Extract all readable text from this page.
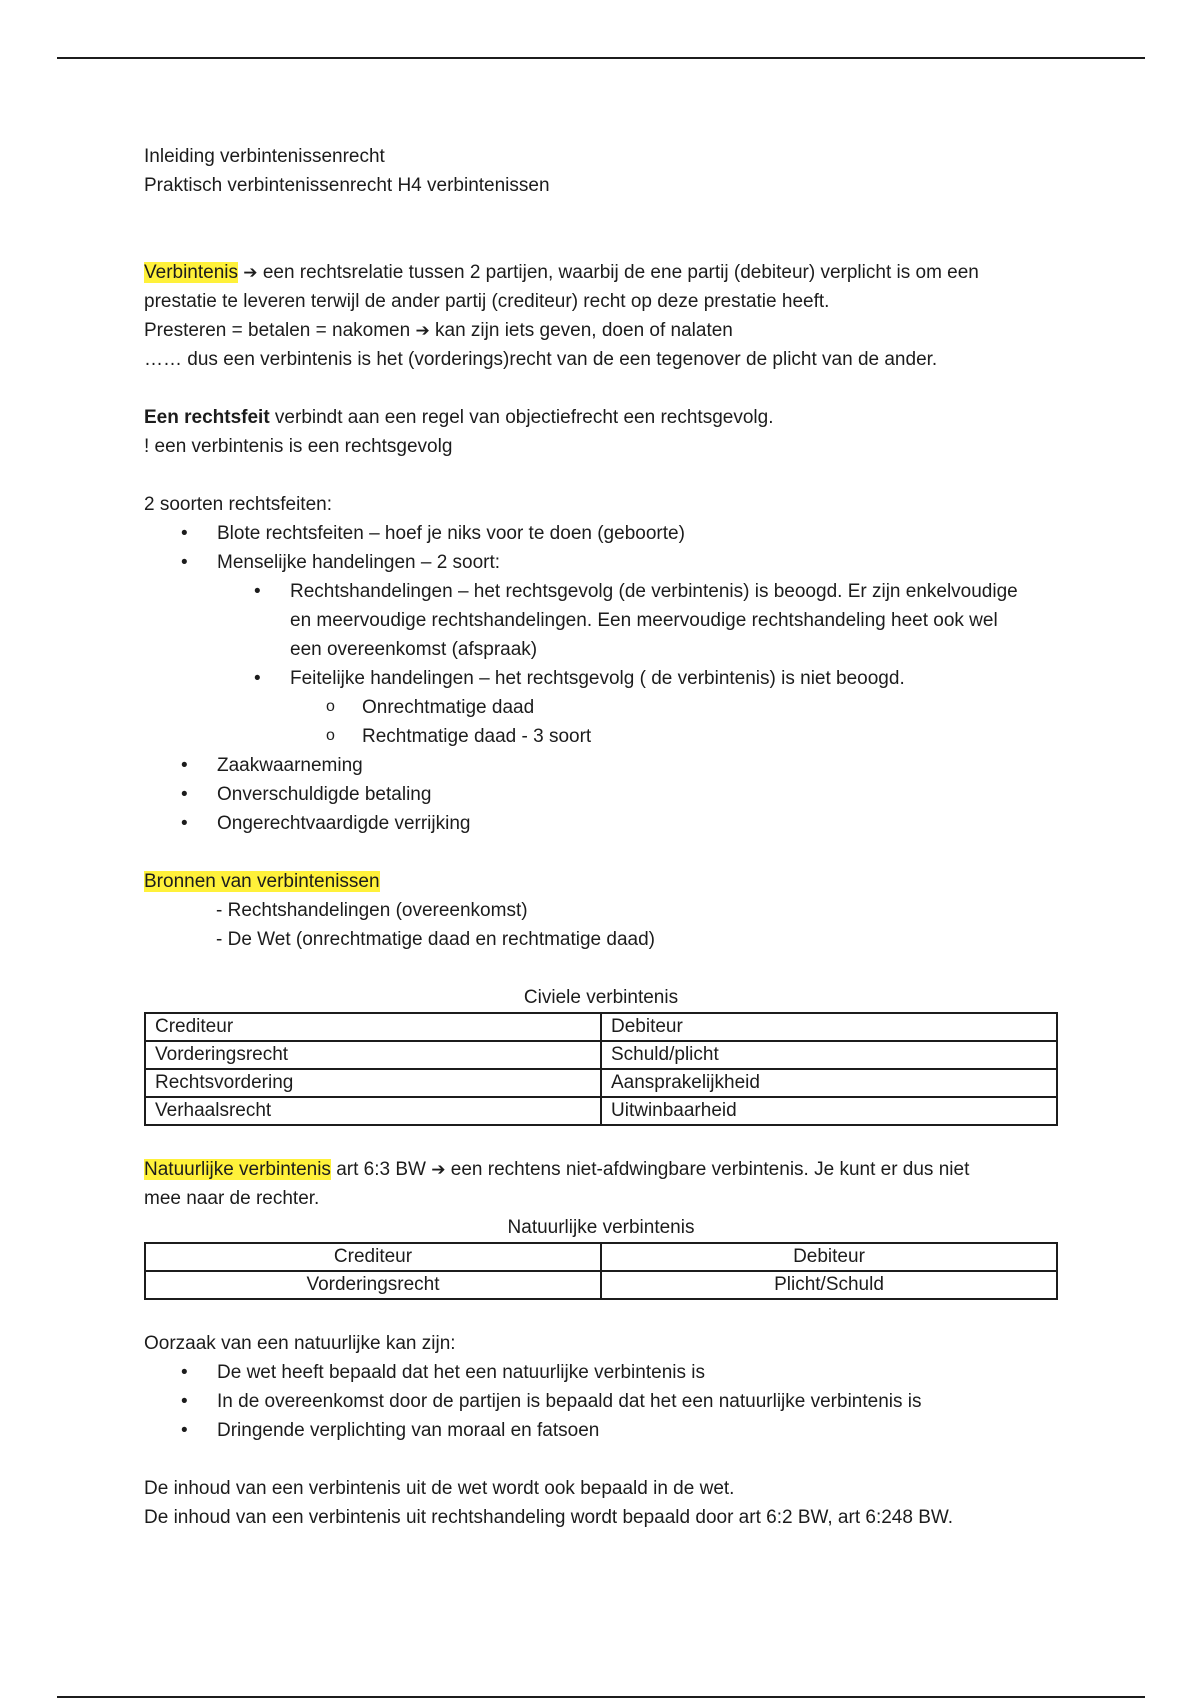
Inleiding verbintenissenrecht
Praktisch verbintenissenrecht H4 verbintenissen
Verbintenis ➔ een rechtsrelatie tussen 2 partijen, waarbij de ene partij (debiteur) verplicht is om een
prestatie te leveren terwijl de ander partij (crediteur) recht op deze prestatie heeft.
Presteren = betalen = nakomen ➔ kan zijn iets geven, doen of nalaten
…… dus een verbintenis is het (vorderings)recht van de een tegenover de plicht van de ander.
Een rechtsfeit verbindt aan een regel van objectiefrecht een rechtsgevolg.
! een verbintenis is een rechtsgevolg
2 soorten rechtsfeiten:
• Blote rechtsfeiten – hoef je niks voor te doen (geboorte)
• Menselijke handelingen – 2 soort:
• Rechtshandelingen – het rechtsgevolg (de verbintenis) is beoogd. Er zijn enkelvoudige
en meervoudige rechtshandelingen. Een meervoudige rechtshandeling heet ook wel
een overeenkomst (afspraak)
• Feitelijke handelingen – het rechtsgevolg ( de verbintenis) is niet beoogd.
o Onrechtmatige daad
o Rechtmatige daad - 3 soort
• Zaakwaarneming
• Onverschuldigde betaling
• Ongerechtvaardigde verrijking
Bronnen van verbintenissen
- Rechtshandelingen (overeenkomst)
- De Wet (onrechtmatige daad en rechtmatige daad)
Civiele verbintenis
Crediteur	Debiteur
Vorderingsrecht	Schuld/plicht
Rechtsvordering	Aansprakelijkheid
Verhaalsrecht	Uitwinbaarheid
Natuurlijke verbintenis art 6:3 BW ➔ een rechtens niet-afdwingbare verbintenis. Je kunt er dus niet
mee naar de rechter.
Natuurlijke verbintenis
Crediteur	Debiteur
Vorderingsrecht	Plicht/Schuld
Oorzaak van een natuurlijke kan zijn:
• De wet heeft bepaald dat het een natuurlijke verbintenis is
• In de overeenkomst door de partijen is bepaald dat het een natuurlijke verbintenis is
• Dringende verplichting van moraal en fatsoen
De inhoud van een verbintenis uit de wet wordt ook bepaald in de wet.
De inhoud van een verbintenis uit rechtshandeling wordt bepaald door art 6:2 BW, art 6:248 BW.
